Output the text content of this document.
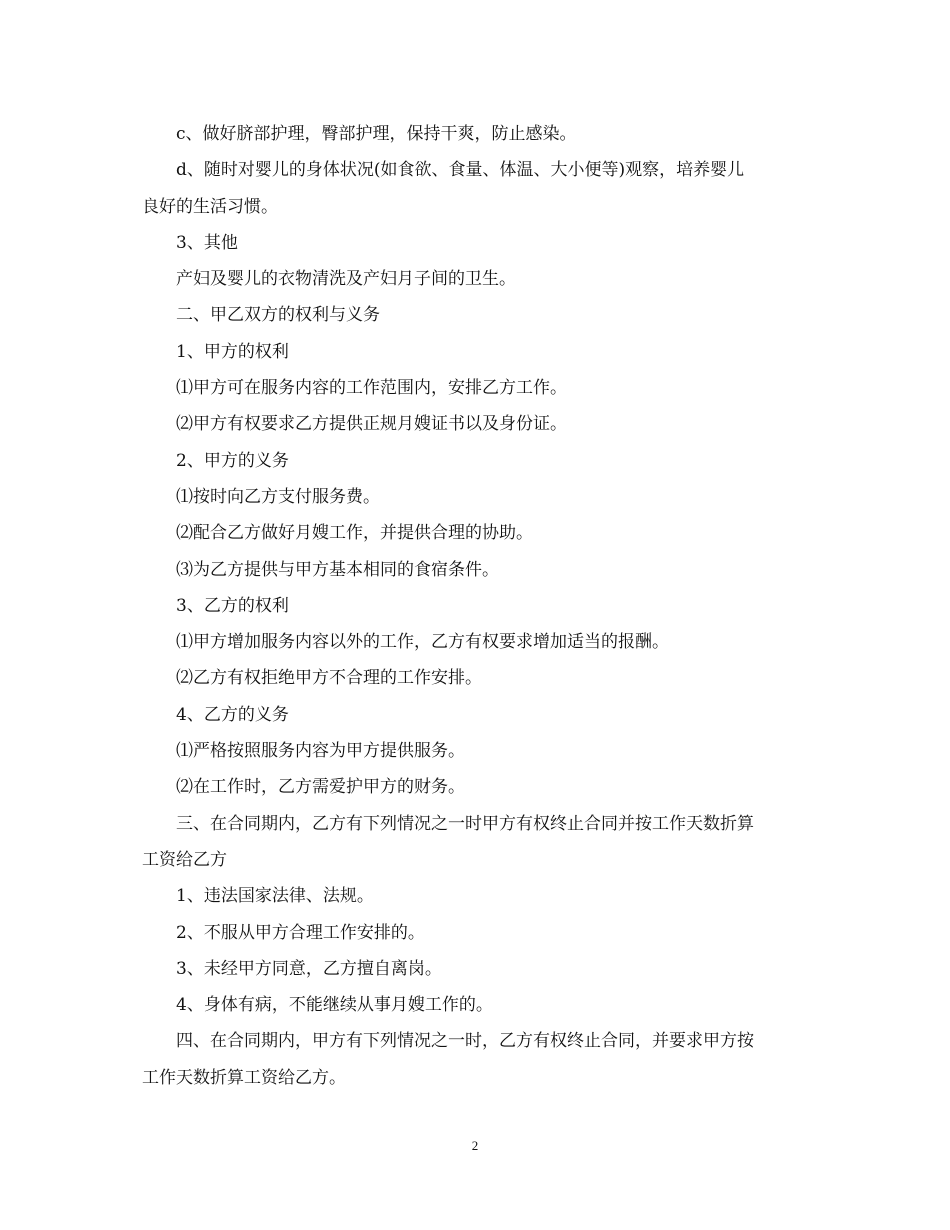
c、做好脐部护理，臀部护理，保持干爽，防止感染。

d、随时对婴儿的身体状况(如食欲、食量、体温、大小便等)观察，培养婴儿

良好的生活习惯。

3、其他

产妇及婴儿的衣物清洗及产妇月子间的卫生。

二、甲乙双方的权利与义务

1、甲方的权利

⑴甲方可在服务内容的工作范围内，安排乙方工作。

⑵甲方有权要求乙方提供正规月嫂证书以及身份证。

2、甲方的义务

⑴按时向乙方支付服务费。

⑵配合乙方做好月嫂工作，并提供合理的协助。

⑶为乙方提供与甲方基本相同的食宿条件。

3、乙方的权利

⑴甲方增加服务内容以外的工作，乙方有权要求增加适当的报酬。

⑵乙方有权拒绝甲方不合理的工作安排。

4、乙方的义务

⑴严格按照服务内容为甲方提供服务。

⑵在工作时，乙方需爱护甲方的财务。

三、在合同期内，乙方有下列情况之一时甲方有权终止合同并按工作天数折算

工资给乙方

1、违法国家法律、法规。

2、不服从甲方合理工作安排的。

3、未经甲方同意，乙方擅自离岗。

4、身体有病，不能继续从事月嫂工作的。

四、在合同期内，甲方有下列情况之一时，乙方有权终止合同，并要求甲方按

工作天数折算工资给乙方。

2
